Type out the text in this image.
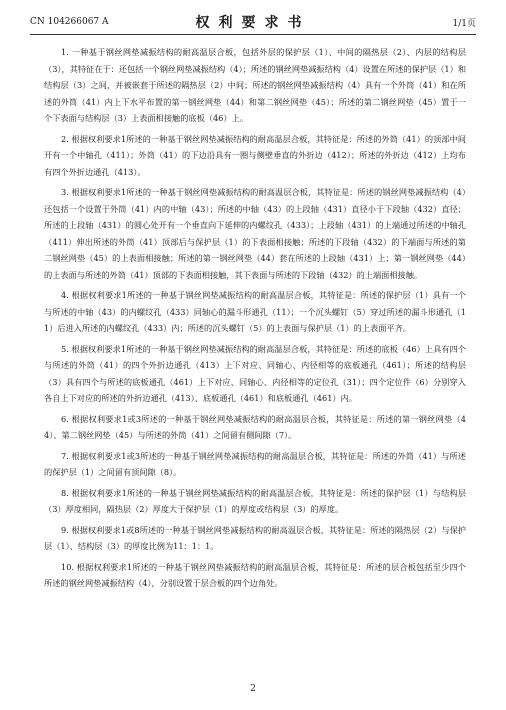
CN 104266067 A	权利要求书	1/1页

1. 一种基于钢丝网垫减振结构的耐高温层合板，包括外层的保护层（1）、中间的隔热层（2）、内层的结构层（3），其特征在于：还包括一个钢丝网垫减振结构（4）；所述的钢丝网垫减振结构（4）设置在所述的保护层（1）和结构层（3）之间，并被嵌套于所述的隔热层（2）中间；所述的钢丝网垫减振结构（4）具有一个外筒（41）和在所述的外筒（41）内上下水平布置的第一钢丝网垫（44）和第二钢丝网垫（45）；所述的第二钢丝网垫（45）置于一个下表面与结构层（3）上表面相接触的底板（46）上。

2. 根据权利要求1所述的一种基于钢丝网垫减振结构的耐高温层合板，其特征是：所述的外筒（41）的顶部中间开有一个中轴孔（411）；外筒（41）的下边沿具有一圈与侧壁垂直的外折边（412）；所述的外折边（412）上均布有四个外折边通孔（413）。

3. 根据权利要求1所述的一种基于钢丝网垫减振结构的耐高温层合板，其特征是：所述的钢丝网垫减振结构（4）还包括一个设置于外筒（41）内的中轴（43）；所述的中轴（43）的上段轴（431）直径小于下段轴（432）直径；所述的上段轴（431）的圆心处开有一个垂直向下延伸的内螺纹孔（433）；上段轴（431）的上端通过所述的中轴孔（411）伸出所述的外筒（41）顶部后与保护层（1）的下表面相接触；所述的下段轴（432）的下端面与所述的第二钢丝网垫（45）的上表面相接触；所述的第一钢丝网垫（44）套在所述的上段轴（431）上；第一钢丝网垫（44）的上表面与所述的外筒（41）顶部的下表面相接触，其下表面与所述的下段轴（432）的上端面相接触。

4. 根据权利要求1所述的一种基于钢丝网垫减振结构的耐高温层合板，其特征是：所述的保护层（1）具有一个与所述的中轴（43）的内螺纹孔（433）同轴心的漏斗形通孔（11）；一个沉头螺钉（5）穿过所述的漏斗形通孔（11）后进入所述的内螺纹孔（433）内；所述的沉头螺钉（5）的上表面与保护层（1）的上表面平齐。

5. 根据权利要求1所述的一种基于钢丝网垫减振结构的耐高温层合板，其特征是：所述的底板（46）上具有四个与所述的外筒（41）的四个外折边通孔（413）上下对应、同轴心、内径相等的底板通孔（461）；所述的结构层（3）具有四个与所述的底板通孔（461）上下对应、同轴心、内径相等的定位孔（31）；四个定位件（6）分别穿入各自上下对应的所述的外折边通孔（413）、底板通孔（461）和底板通孔（461）内。

6. 根据权利要求1或3所述的一种基于钢丝网垫减振结构的耐高温层合板，其特征是：所述的第一钢丝网垫（44）、第二钢丝网垫（45）与所述的外筒（41）之间留有侧间隙（7）。

7. 根据权利要求1或3所述的一种基于钢丝网垫减振结构的耐高温层合板，其特征是：所述的外筒（41）与所述的保护层（1）之间留有顶间隙（8）。

8. 根据权利要求1所述的一种基于钢丝网垫减振结构的耐高温层合板，其特征是：所述的保护层（1）与结构层（3）厚度相同，隔热层（2）厚度大于保护层（1）的厚度或结构层（3）的厚度。

9. 根据权利要求1或8所述的一种基于钢丝网垫减振结构的耐高温层合板，其特征是：所述的隔热层（2）与保护层（1）、结构层（3）的厚度比例为11：1：1。

10. 根据权利要求1所述的一种基于钢丝网垫减振结构的耐高温层合板，其特征是：所述的层合板包括至少四个所述的钢丝网垫减振结构（4），分别设置于层合板的四个边角处。

2
